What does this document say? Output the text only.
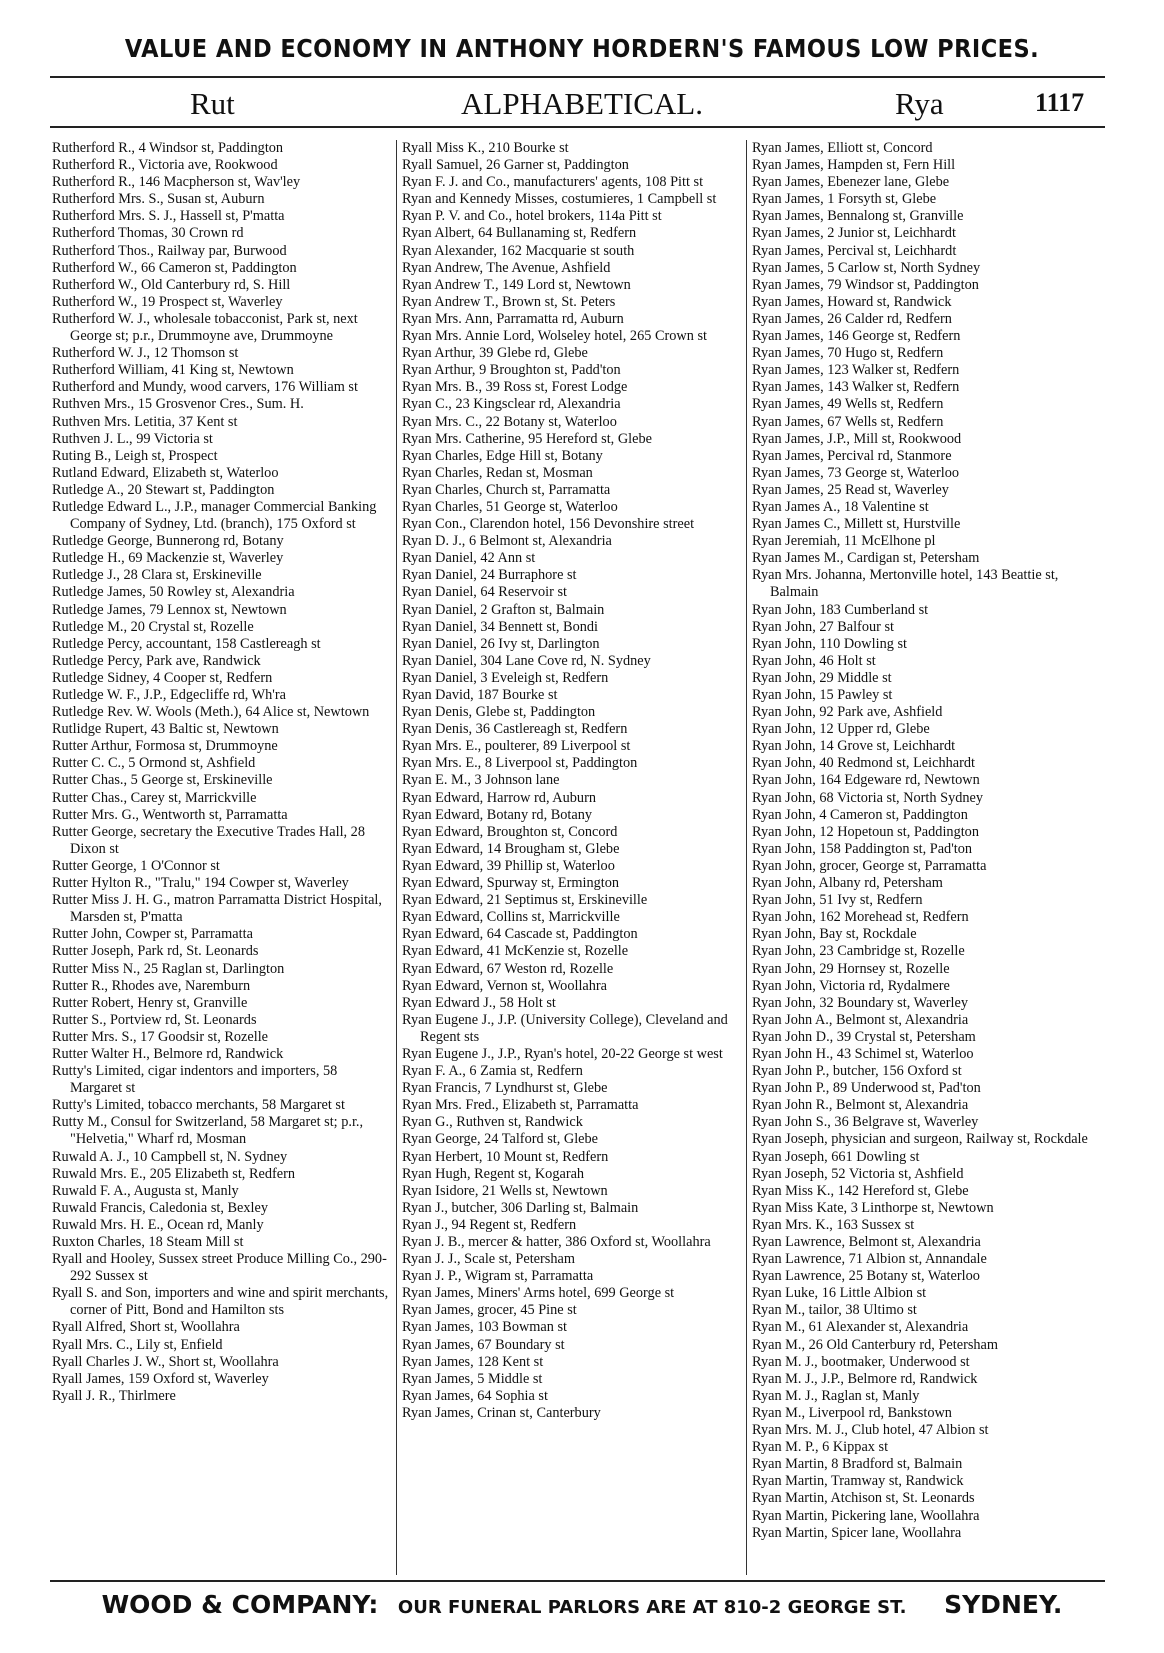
VALUE AND ECONOMY IN ANTHONY HORDERN'S FAMOUS LOW PRICES.
Rut	ALPHABETICAL.	Rya	1117
Rutherford R., 4 Windsor st, Paddington
Rutherford R., Victoria ave, Rookwood
Rutherford R., 146 Macpherson st, Wav'ley
Rutherford Mrs. S., Susan st, Auburn
Rutherford Mrs. S. J., Hassell st, P'matta
Rutherford Thomas, 30 Crown rd
Rutherford Thos., Railway par, Burwood
Rutherford W., 66 Cameron st, Paddington
Rutherford W., Old Canterbury rd, S. Hill
Rutherford W., 19 Prospect st, Waverley
Rutherford W. J., wholesale tobacconist, Park st, next George st; p.r., Drummoyne ave, Drummoyne
Rutherford W. J., 12 Thomson st
Rutherford William, 41 King st, Newtown
Rutherford and Mundy, wood carvers, 176 William st
Ruthven Mrs., 15 Grosvenor Cres., Sum. H.
Ruthven Mrs. Letitia, 37 Kent st
Ruthven J. L., 99 Victoria st
Ruting B., Leigh st, Prospect
Rutland Edward, Elizabeth st, Waterloo
Rutledge A., 20 Stewart st, Paddington
Rutledge Edward L., J.P., manager Commercial Banking Company of Sydney, Ltd. (branch), 175 Oxford st
Rutledge George, Bunnerong rd, Botany
Rutledge H., 69 Mackenzie st, Waverley
Rutledge J., 28 Clara st, Erskineville
Rutledge James, 50 Rowley st, Alexandria
Rutledge James, 79 Lennox st, Newtown
Rutledge M., 20 Crystal st, Rozelle
Rutledge Percy, accountant, 158 Castlereagh st
Rutledge Percy, Park ave, Randwick
Rutledge Sidney, 4 Cooper st, Redfern
Rutledge W. F., J.P., Edgecliffe rd, Wh'ra
Rutledge Rev. W. Wools (Meth.), 64 Alice st, Newtown
Rutlidge Rupert, 43 Baltic st, Newtown
Rutter Arthur, Formosa st, Drummoyne
Rutter C. C., 5 Ormond st, Ashfield
Rutter Chas., 5 George st, Erskineville
Rutter Chas., Carey st, Marrickville
Rutter Mrs. G., Wentworth st, Parramatta
Rutter George, secretary the Executive Trades Hall, 28 Dixon st
Rutter George, 1 O'Connor st
Rutter Hylton R., "Tralu," 194 Cowper st, Waverley
Rutter Miss J. H. G., matron Parramatta District Hospital, Marsden st, P'matta
Rutter John, Cowper st, Parramatta
Rutter Joseph, Park rd, St. Leonards
Rutter Miss N., 25 Raglan st, Darlington
Rutter R., Rhodes ave, Naremburn
Rutter Robert, Henry st, Granville
Rutter S., Portview rd, St. Leonards
Rutter Mrs. S., 17 Goodsir st, Rozelle
Rutter Walter H., Belmore rd, Randwick
Rutty's Limited, cigar indentors and importers, 58 Margaret st
Rutty's Limited, tobacco merchants, 58 Margaret st
Rutty M., Consul for Switzerland, 58 Margaret st; p.r., "Helvetia," Wharf rd, Mosman
Ruwald A. J., 10 Campbell st, N. Sydney
Ruwald Mrs. E., 205 Elizabeth st, Redfern
Ruwald F. A., Augusta st, Manly
Ruwald Francis, Caledonia st, Bexley
Ruwald Mrs. H. E., Ocean rd, Manly
Ruxton Charles, 18 Steam Mill st
Ryall and Hooley, Sussex street Produce Milling Co., 290-292 Sussex st
Ryall S. and Son, importers and wine and spirit merchants, corner of Pitt, Bond and Hamilton sts
Ryall Alfred, Short st, Woollahra
Ryall Mrs. C., Lily st, Enfield
Ryall Charles J. W., Short st, Woollahra
Ryall James, 159 Oxford st, Waverley
Ryall J. R., Thirlmere
Ryall Miss K., 210 Bourke st
Ryall Samuel, 26 Garner st, Paddington
Ryan F. J. and Co., manufacturers' agents, 108 Pitt st
Ryan and Kennedy Misses, costumieres, 1 Campbell st
Ryan P. V. and Co., hotel brokers, 114a Pitt st
Ryan Albert, 64 Bullanaming st, Redfern
Ryan Alexander, 162 Macquarie st south
Ryan Andrew, The Avenue, Ashfield
Ryan Andrew T., 149 Lord st, Newtown
Ryan Andrew T., Brown st, St. Peters
Ryan Mrs. Ann, Parramatta rd, Auburn
Ryan Mrs. Annie Lord, Wolseley hotel, 265 Crown st
Ryan Arthur, 39 Glebe rd, Glebe
Ryan Arthur, 9 Broughton st, Padd'ton
Ryan Mrs. B., 39 Ross st, Forest Lodge
Ryan C., 23 Kingsclear rd, Alexandria
Ryan Mrs. C., 22 Botany st, Waterloo
Ryan Mrs. Catherine, 95 Hereford st, Glebe
Ryan Charles, Edge Hill st, Botany
Ryan Charles, Redan st, Mosman
Ryan Charles, Church st, Parramatta
Ryan Charles, 51 George st, Waterloo
Ryan Con., Clarendon hotel, 156 Devonshire street
Ryan D. J., 6 Belmont st, Alexandria
Ryan Daniel, 42 Ann st
Ryan Daniel, 24 Burraphore st
Ryan Daniel, 64 Reservoir st
Ryan Daniel, 2 Grafton st, Balmain
Ryan Daniel, 34 Bennett st, Bondi
Ryan Daniel, 26 Ivy st, Darlington
Ryan Daniel, 304 Lane Cove rd, N. Sydney
Ryan Daniel, 3 Eveleigh st, Redfern
Ryan David, 187 Bourke st
Ryan Denis, Glebe st, Paddington
Ryan Denis, 36 Castlereagh st, Redfern
Ryan Mrs. E., poulterer, 89 Liverpool st
Ryan Mrs. E., 8 Liverpool st, Paddington
Ryan E. M., 3 Johnson lane
Ryan Edward, Harrow rd, Auburn
Ryan Edward, Botany rd, Botany
Ryan Edward, Broughton st, Concord
Ryan Edward, 14 Brougham st, Glebe
Ryan Edward, 39 Phillip st, Waterloo
Ryan Edward, Spurway st, Ermington
Ryan Edward, 21 Septimus st, Erskineville
Ryan Edward, Collins st, Marrickville
Ryan Edward, 64 Cascade st, Paddington
Ryan Edward, 41 McKenzie st, Rozelle
Ryan Edward, 67 Weston rd, Rozelle
Ryan Edward, Vernon st, Woollahra
Ryan Edward J., 58 Holt st
Ryan Eugene J., J.P. (University College), Cleveland and Regent sts
Ryan Eugene J., J.P., Ryan's hotel, 20-22 George st west
Ryan F. A., 6 Zamia st, Redfern
Ryan Francis, 7 Lyndhurst st, Glebe
Ryan Mrs. Fred., Elizabeth st, Parramatta
Ryan G., Ruthven st, Randwick
Ryan George, 24 Talford st, Glebe
Ryan Herbert, 10 Mount st, Redfern
Ryan Hugh, Regent st, Kogarah
Ryan Isidore, 21 Wells st, Newtown
Ryan J., butcher, 306 Darling st, Balmain
Ryan J., 94 Regent st, Redfern
Ryan J. B., mercer & hatter, 386 Oxford st, Woollahra
Ryan J. J., Scale st, Petersham
Ryan J. P., Wigram st, Parramatta
Ryan James, Miners' Arms hotel, 699 George st
Ryan James, grocer, 45 Pine st
Ryan James, 103 Bowman st
Ryan James, 67 Boundary st
Ryan James, 128 Kent st
Ryan James, 5 Middle st
Ryan James, 64 Sophia st
Ryan James, Crinan st, Canterbury
Ryan James, Elliott st, Concord
Ryan James, Hampden st, Fern Hill
Ryan James, Ebenezer lane, Glebe
Ryan James, 1 Forsyth st, Glebe
Ryan James, Bennalong st, Granville
Ryan James, 2 Junior st, Leichhardt
Ryan James, Percival st, Leichhardt
Ryan James, 5 Carlow st, North Sydney
Ryan James, 79 Windsor st, Paddington
Ryan James, Howard st, Randwick
Ryan James, 26 Calder rd, Redfern
Ryan James, 146 George st, Redfern
Ryan James, 70 Hugo st, Redfern
Ryan James, 123 Walker st, Redfern
Ryan James, 143 Walker st, Redfern
Ryan James, 49 Wells st, Redfern
Ryan James, 67 Wells st, Redfern
Ryan James, J.P., Mill st, Rookwood
Ryan James, Percival rd, Stanmore
Ryan James, 73 George st, Waterloo
Ryan James, 25 Read st, Waverley
Ryan James A., 18 Valentine st
Ryan James C., Millett st, Hurstville
Ryan Jeremiah, 11 McElhone pl
Ryan James M., Cardigan st, Petersham
Ryan Mrs. Johanna, Mertonville hotel, 143 Beattie st, Balmain
Ryan John, 183 Cumberland st
Ryan John, 27 Balfour st
Ryan John, 110 Dowling st
Ryan John, 46 Holt st
Ryan John, 29 Middle st
Ryan John, 15 Pawley st
Ryan John, 92 Park ave, Ashfield
Ryan John, 12 Upper rd, Glebe
Ryan John, 14 Grove st, Leichhardt
Ryan John, 40 Redmond st, Leichhardt
Ryan John, 164 Edgeware rd, Newtown
Ryan John, 68 Victoria st, North Sydney
Ryan John, 4 Cameron st, Paddington
Ryan John, 12 Hopetoun st, Paddington
Ryan John, 158 Paddington st, Pad'ton
Ryan John, grocer, George st, Parramatta
Ryan John, Albany rd, Petersham
Ryan John, 51 Ivy st, Redfern
Ryan John, 162 Morehead st, Redfern
Ryan John, Bay st, Rockdale
Ryan John, 23 Cambridge st, Rozelle
Ryan John, 29 Hornsey st, Rozelle
Ryan John, Victoria rd, Rydalmere
Ryan John, 32 Boundary st, Waverley
Ryan John A., Belmont st, Alexandria
Ryan John D., 39 Crystal st, Petersham
Ryan John H., 43 Schimel st, Waterloo
Ryan John P., butcher, 156 Oxford st
Ryan John P., 89 Underwood st, Pad'ton
Ryan John R., Belmont st, Alexandria
Ryan John S., 36 Belgrave st, Waverley
Ryan Joseph, physician and surgeon, Railway st, Rockdale
Ryan Joseph, 661 Dowling st
Ryan Joseph, 52 Victoria st, Ashfield
Ryan Miss K., 142 Hereford st, Glebe
Ryan Miss Kate, 3 Linthorpe st, Newtown
Ryan Mrs. K., 163 Sussex st
Ryan Lawrence, Belmont st, Alexandria
Ryan Lawrence, 71 Albion st, Annandale
Ryan Lawrence, 25 Botany st, Waterloo
Ryan Luke, 16 Little Albion st
Ryan M., tailor, 38 Ultimo st
Ryan M., 61 Alexander st, Alexandria
Ryan M., 26 Old Canterbury rd, Petersham
Ryan M. J., bootmaker, Underwood st
Ryan M. J., J.P., Belmore rd, Randwick
Ryan M. J., Raglan st, Manly
Ryan M., Liverpool rd, Bankstown
Ryan Mrs. M. J., Club hotel, 47 Albion st
Ryan M. P., 6 Kippax st
Ryan Martin, 8 Bradford st, Balmain
Ryan Martin, Tramway st, Randwick
Ryan Martin, Atchison st, St. Leonards
Ryan Martin, Pickering lane, Woollahra
Ryan Martin, Spicer lane, Woollahra
WOOD & COMPANY: OUR FUNERAL PARLORS ARE AT 810-2 GEORGE ST. SYDNEY.
